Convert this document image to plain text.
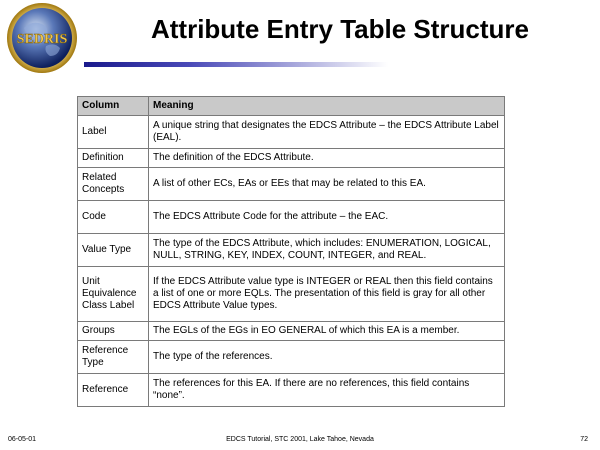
SEDRIS	Attribute Entry Table Structure
Column	Meaning
Label	A unique string that designates the EDCS Attribute – the EDCS Attribute Label (EAL).
Definition	The definition of the EDCS Attribute.
Related Concepts	A list of other ECs, EAs or EEs that may be related to this EA.
Code	The EDCS Attribute Code for the attribute – the EAC.
Value Type	The type of the EDCS Attribute, which includes: ENUMERATION, LOGICAL, NULL, STRING, KEY, INDEX, COUNT, INTEGER, and REAL.
Unit Equivalence Class Label	If the EDCS Attribute value type is INTEGER or REAL then this field contains a list of one or more EQLs. The presentation of this field is gray for all other EDCS Attribute Value types.
Groups	The EGLs of the EGs in EO GENERAL of which this EA is a member.
Reference Type	The type of the references.
Reference	The references for this EA. If there are no references, this field contains “none”.
06-05-01	EDCS Tutorial, STC 2001, Lake Tahoe, Nevada	72
